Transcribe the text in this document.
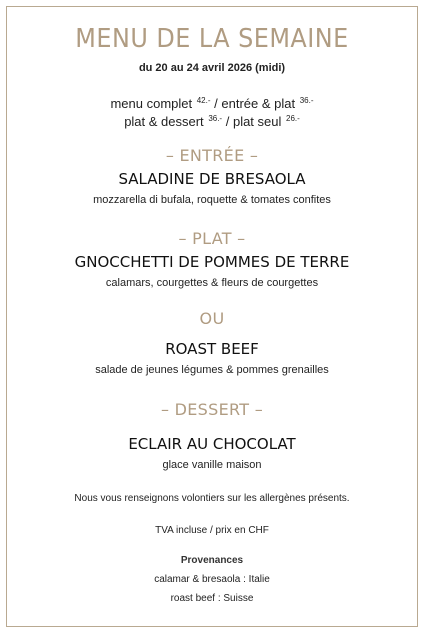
MENU DE LA SEMAINE
du 20 au 24 avril 2026 (midi)
menu complet $^{42.-}$ / entrée & plat $^{36.-}$
plat & dessert $^{36.-}$ / plat seul $^{26.-}$
– ENTRÉE –
SALADINE DE BRESAOLA
mozzarella di bufala, roquette & tomates confites
– PLAT –
GNOCCHETTI DE POMMES DE TERRE
calamars, courgettes & fleurs de courgettes
OU
ROAST BEEF
salade de jeunes légumes & pommes grenailles
– DESSERT –
ECLAIR AU CHOCOLAT
glace vanille maison
Nous vous renseignons volontiers sur les allergènes présents.
TVA incluse / prix en CHF
Provenances
calamar & bresaola : Italie
roast beef : Suisse
